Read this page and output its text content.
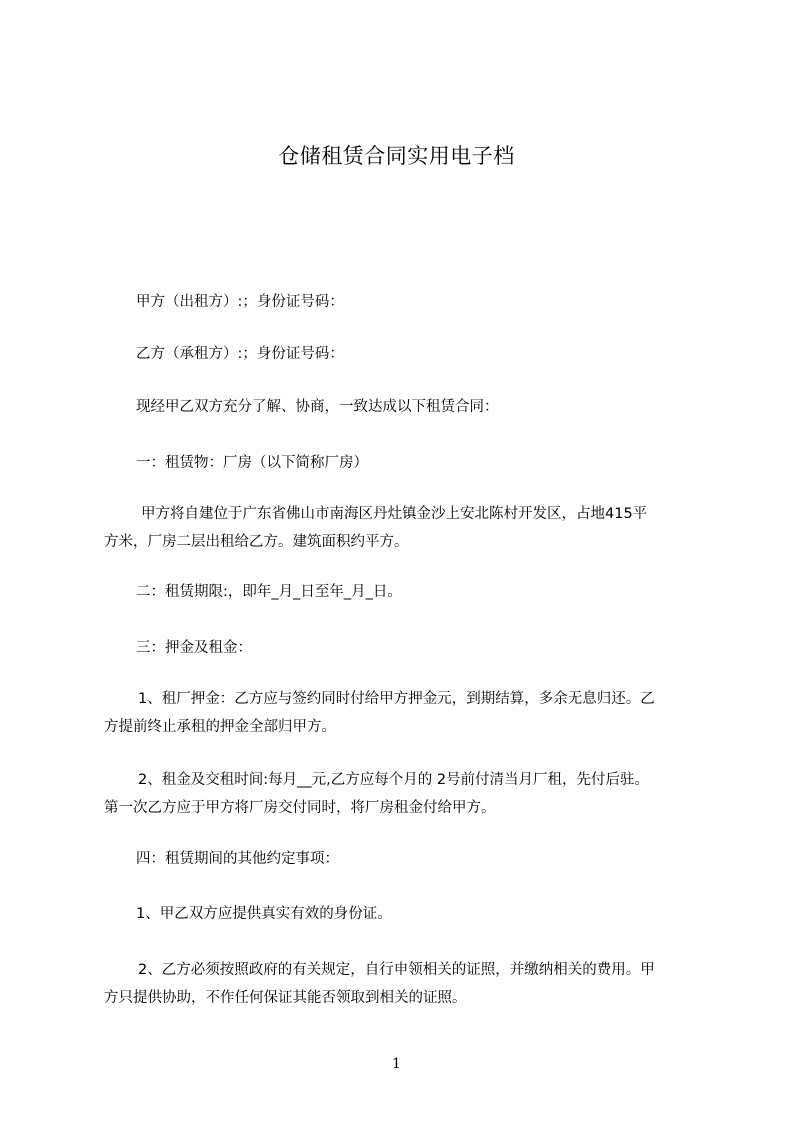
仓储租赁合同实用电子档
甲方（出租方）:；身份证号码：
乙方（承租方）:；身份证号码：
现经甲乙双方充分了解、协商，一致达成以下租赁合同：
一：租赁物：厂房（以下简称厂房）
甲方将自建位于广东省佛山市南海区丹灶镇金沙上安北陈村开发区，占地415平
方米，厂房二层出租给乙方。建筑面积约平方。
二：租赁期限:，即年_月_日至年_月_日。
三：押金及租金：
1、租厂押金：乙方应与签约同时付给甲方押金元，到期结算，多余无息归还。乙
方提前终止承租的押金全部归甲方。
2、租金及交租时间:每月__元,乙方应每个月的 2号前付清当月厂租，先付后驻。
第一次乙方应于甲方将厂房交付同时，将厂房租金付给甲方。
四：租赁期间的其他约定事项：
1、甲乙双方应提供真实有效的身份证。
2、乙方必须按照政府的有关规定，自行申领相关的证照，并缴纳相关的费用。甲
方只提供协助，不作任何保证其能否领取到相关的证照。
1
